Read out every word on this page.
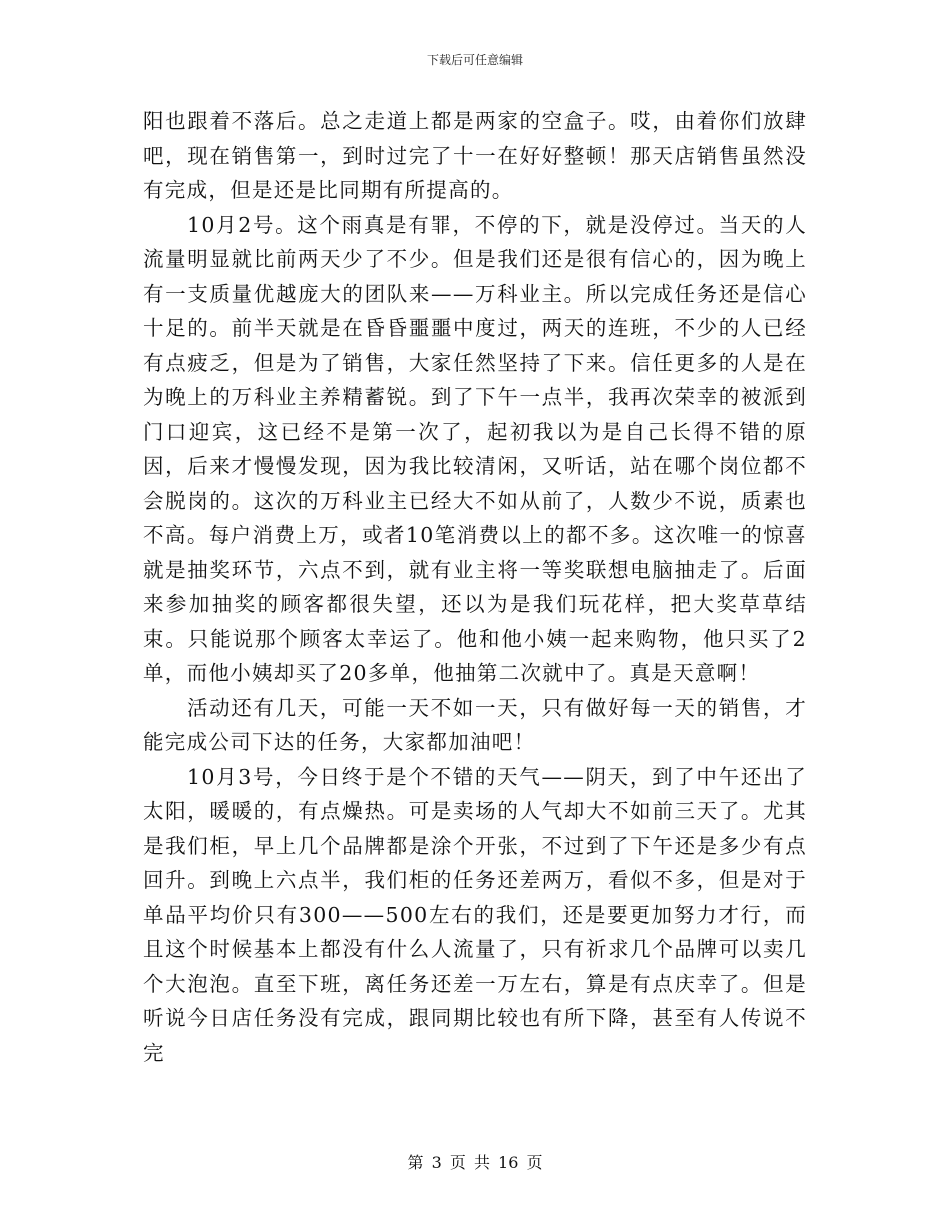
下载后可任意编辑

阳也跟着不落后。总之走道上都是两家的空盒子。哎，由着你们放肆吧，现在销售第一，到时过完了十一在好好整顿！那天店销售虽然没有完成，但是还是比同期有所提高的。

10月2号。这个雨真是有罪，不停的下，就是没停过。当天的人流量明显就比前两天少了不少。但是我们还是很有信心的，因为晚上有一支质量优越庞大的团队来——万科业主。所以完成任务还是信心十足的。前半天就是在昏昏噩噩中度过，两天的连班，不少的人已经有点疲乏，但是为了销售，大家任然坚持了下来。信任更多的人是在为晚上的万科业主养精蓄锐。到了下午一点半，我再次荣幸的被派到门口迎宾，这已经不是第一次了，起初我以为是自己长得不错的原因，后来才慢慢发现，因为我比较清闲，又听话，站在哪个岗位都不会脱岗的。这次的万科业主已经大不如从前了，人数少不说，质素也不高。每户消费上万，或者10笔消费以上的都不多。这次唯一的惊喜就是抽奖环节，六点不到，就有业主将一等奖联想电脑抽走了。后面来参加抽奖的顾客都很失望，还以为是我们玩花样，把大奖草草结束。只能说那个顾客太幸运了。他和他小姨一起来购物，他只买了2单，而他小姨却买了20多单，他抽第二次就中了。真是天意啊！

活动还有几天，可能一天不如一天，只有做好每一天的销售，才能完成公司下达的任务，大家都加油吧！

10月3号，今日终于是个不错的天气——阴天，到了中午还出了太阳，暖暖的，有点燥热。可是卖场的人气却大不如前三天了。尤其是我们柜，早上几个品牌都是涂个开张，不过到了下午还是多少有点回升。到晚上六点半，我们柜的任务还差两万，看似不多，但是对于单品平均价只有300——500左右的我们，还是要更加努力才行，而且这个时候基本上都没有什么人流量了，只有祈求几个品牌可以卖几个大泡泡。直至下班，离任务还差一万左右，算是有点庆幸了。但是听说今日店任务没有完成，跟同期比较也有所下降，甚至有人传说不完

第 3 页 共 16 页
